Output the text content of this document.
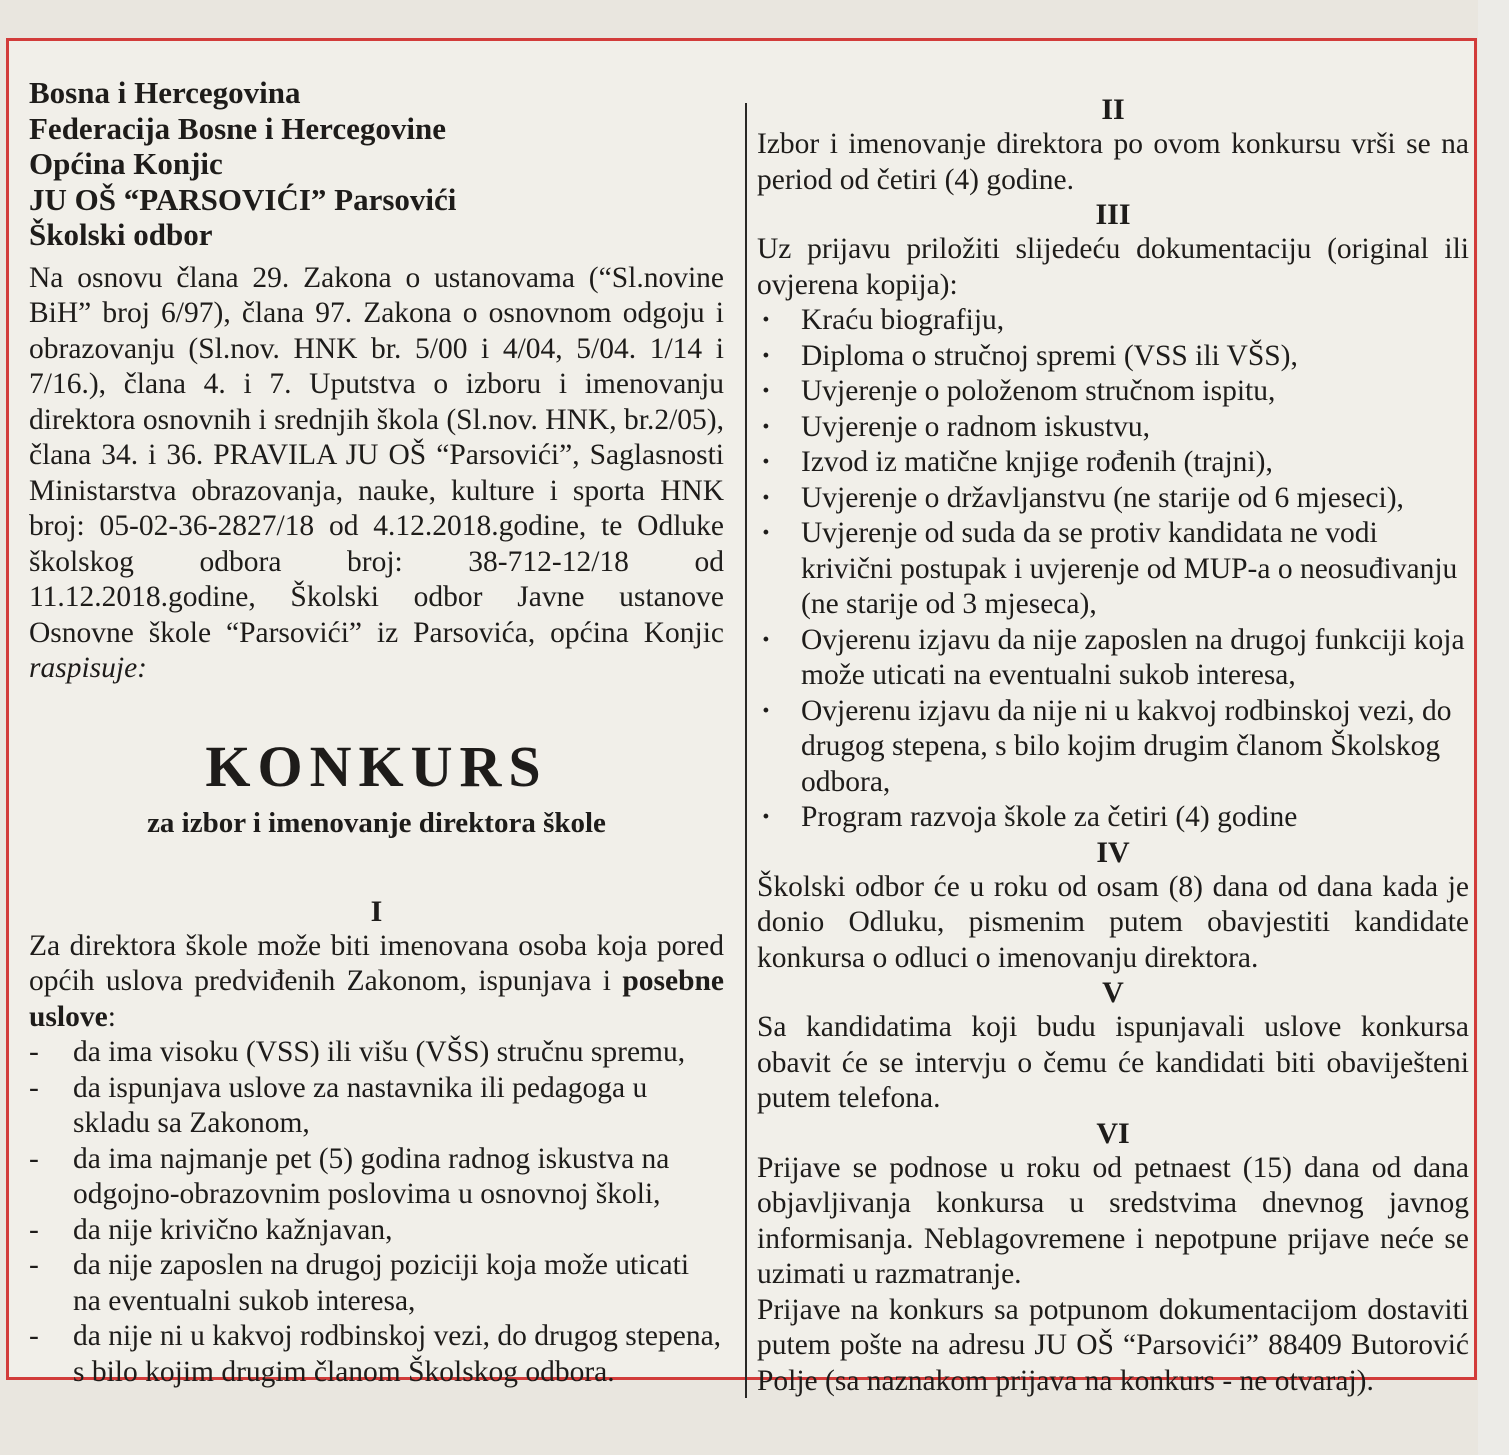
Bosna i Hercegovina
Federacija Bosne i Hercegovine
Općina Konjic
JU OŠ “PARSOVIĆI” Parsovići
Školski odbor
Na osnovu člana 29. Zakona o ustanovama (“Sl.novine BiH” broj 6/97), člana 97. Zakona o osnovnom odgoju i obrazovanju (Sl.nov. HNK br. 5/00 i 4/04, 5/04. 1/14 i 7/16.), člana 4. i 7. Uputstva o izboru i imenovanju direktora osnovnih i srednjih škola (Sl.nov. HNK, br.2/05), člana 34. i 36. PRAVILA JU OŠ “Parsovići”, Saglasnosti Ministarstva obrazovanja, nauke, kulture i sporta HNK broj: 05-02-36-2827/18 od 4.12.2018.godine, te Odluke školskog odbora broj: 38-712-12/18 od 11.12.2018.godine, Školski odbor Javne ustanove Osnovne škole “Parsovići” iz Parsovića, općina Konjic raspisuje:
KONKURS
za izbor i imenovanje direktora škole
I
Za direktora škole može biti imenovana osoba koja pored općih uslova predviđenih Zakonom, ispunjava i posebne uslove:
- da ima visoku (VSS) ili višu (VŠS) stručnu spremu,
- da ispunjava uslove za nastavnika ili pedagoga u skladu sa Zakonom,
- da ima najmanje pet (5) godina radnog iskustva na odgojno-obrazovnim poslovima u osnovnoj školi,
- da nije krivično kažnjavan,
- da nije zaposlen na drugoj poziciji koja može uticati na eventualni sukob interesa,
- da nije ni u kakvoj rodbinskoj vezi, do drugog stepena, s bilo kojim drugim članom Školskog odbora.
II
Izbor i imenovanje direktora po ovom konkursu vrši se na period od četiri (4) godine.
III
Uz prijavu priložiti slijedeću dokumentaciju (original ili ovjerena kopija):
· Kraću biografiju,
· Diploma o stručnoj spremi (VSS ili VŠS),
· Uvjerenje o položenom stručnom ispitu,
· Uvjerenje o radnom iskustvu,
· Izvod iz matične knjige rođenih (trajni),
· Uvjerenje o državljanstvu (ne starije od 6 mjeseci),
· Uvjerenje od suda da se protiv kandidata ne vodi krivični postupak i uvjerenje od MUP-a o neosuđivanju (ne starije od 3 mjeseca),
· Ovjerenu izjavu da nije zaposlen na drugoj funkciji koja može uticati na eventualni sukob interesa,
· Ovjerenu izjavu da nije ni u kakvoj rodbinskoj vezi, do drugog stepena, s bilo kojim drugim članom Školskog odbora,
· Program razvoja škole za četiri (4) godine
IV
Školski odbor će u roku od osam (8) dana od dana kada je donio Odluku, pismenim putem obavjestiti kandidate konkursa o odluci o imenovanju direktora.
V
Sa kandidatima koji budu ispunjavali uslove konkursa obavit će se intervju o čemu će kandidati biti obaviješteni putem telefona.
VI
Prijave se podnose u roku od petnaest (15) dana od dana objavljivanja konkursa u sredstvima dnevnog javnog informisanja. Neblagovremene i nepotpune prijave neće se uzimati u razmatranje.
Prijave na konkurs sa potpunom dokumentacijom dostaviti putem pošte na adresu JU OŠ “Parsovići” 88409 Butorović Polje (sa naznakom prijava na konkurs - ne otvaraj).
